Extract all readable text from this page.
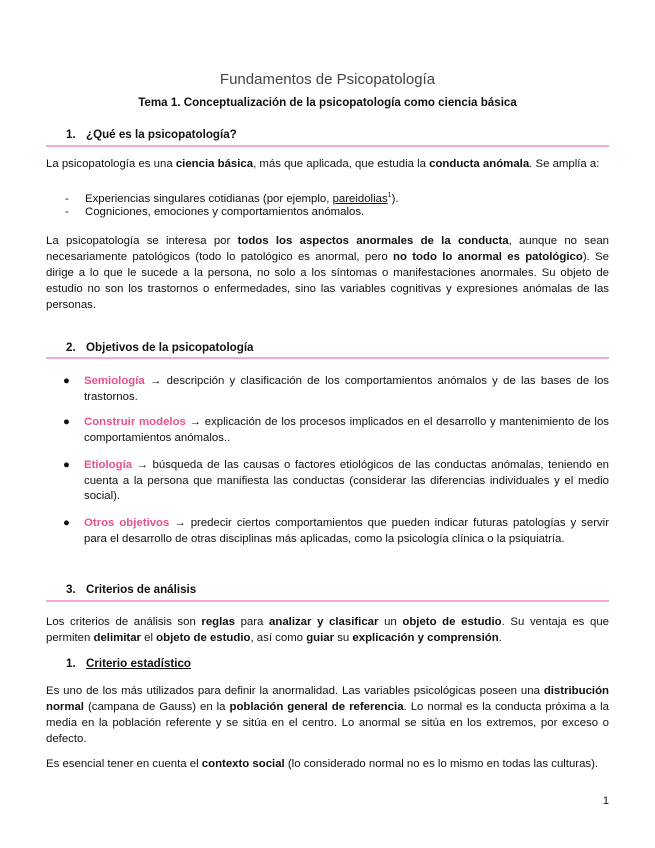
Fundamentos de Psicopatología
Tema 1. Conceptualización de la psicopatología como ciencia básica
1. ¿Qué es la psicopatología?
La psicopatología es una ciencia básica, más que aplicada, que estudia la conducta anómala. Se amplía a:
- Experiencias singulares cotidianas (por ejemplo, pareidolias$^1$).
- Cogniciones, emociones y comportamientos anómalos.
La psicopatología se interesa por todos los aspectos anormales de la conducta, aunque no sean necesariamente patológicos (todo lo patológico es anormal, pero no todo lo anormal es patológico). Se dirige a lo que le sucede a la persona, no solo a los síntomas o manifestaciones anormales. Su objeto de estudio no son los trastornos o enfermedades, sino las variables cognitivas y expresiones anómalas de las personas.
2. Objetivos de la psicopatología
● Semiología → descripción y clasificación de los comportamientos anómalos y de las bases de los trastornos.
● Construir modelos → explicación de los procesos implicados en el desarrollo y mantenimiento de los comportamientos anómalos..
● Etiología → búsqueda de las causas o factores etiológicos de las conductas anómalas, teniendo en cuenta a la persona que manifiesta las conductas (considerar las diferencias individuales y el medio social).
● Otros objetivos → predecir ciertos comportamientos que pueden indicar futuras patologías y servir para el desarrollo de otras disciplinas más aplicadas, como la psicología clínica o la psiquiatría.
3. Criterios de análisis
Los criterios de análisis son reglas para analizar y clasificar un objeto de estudio. Su ventaja es que permiten delimitar el objeto de estudio, así como guiar su explicación y comprensión.
1. Criterio estadístico
Es uno de los más utilizados para definir la anormalidad. Las variables psicológicas poseen una distribución normal (campana de Gauss) en la población general de referencia. Lo normal es la conducta próxima a la media en la población referente y se sitúa en el centro. Lo anormal se sitúa en los extremos, por exceso o defecto.
Es esencial tener en cuenta el contexto social (lo considerado normal no es lo mismo en todas las culturas).
1
